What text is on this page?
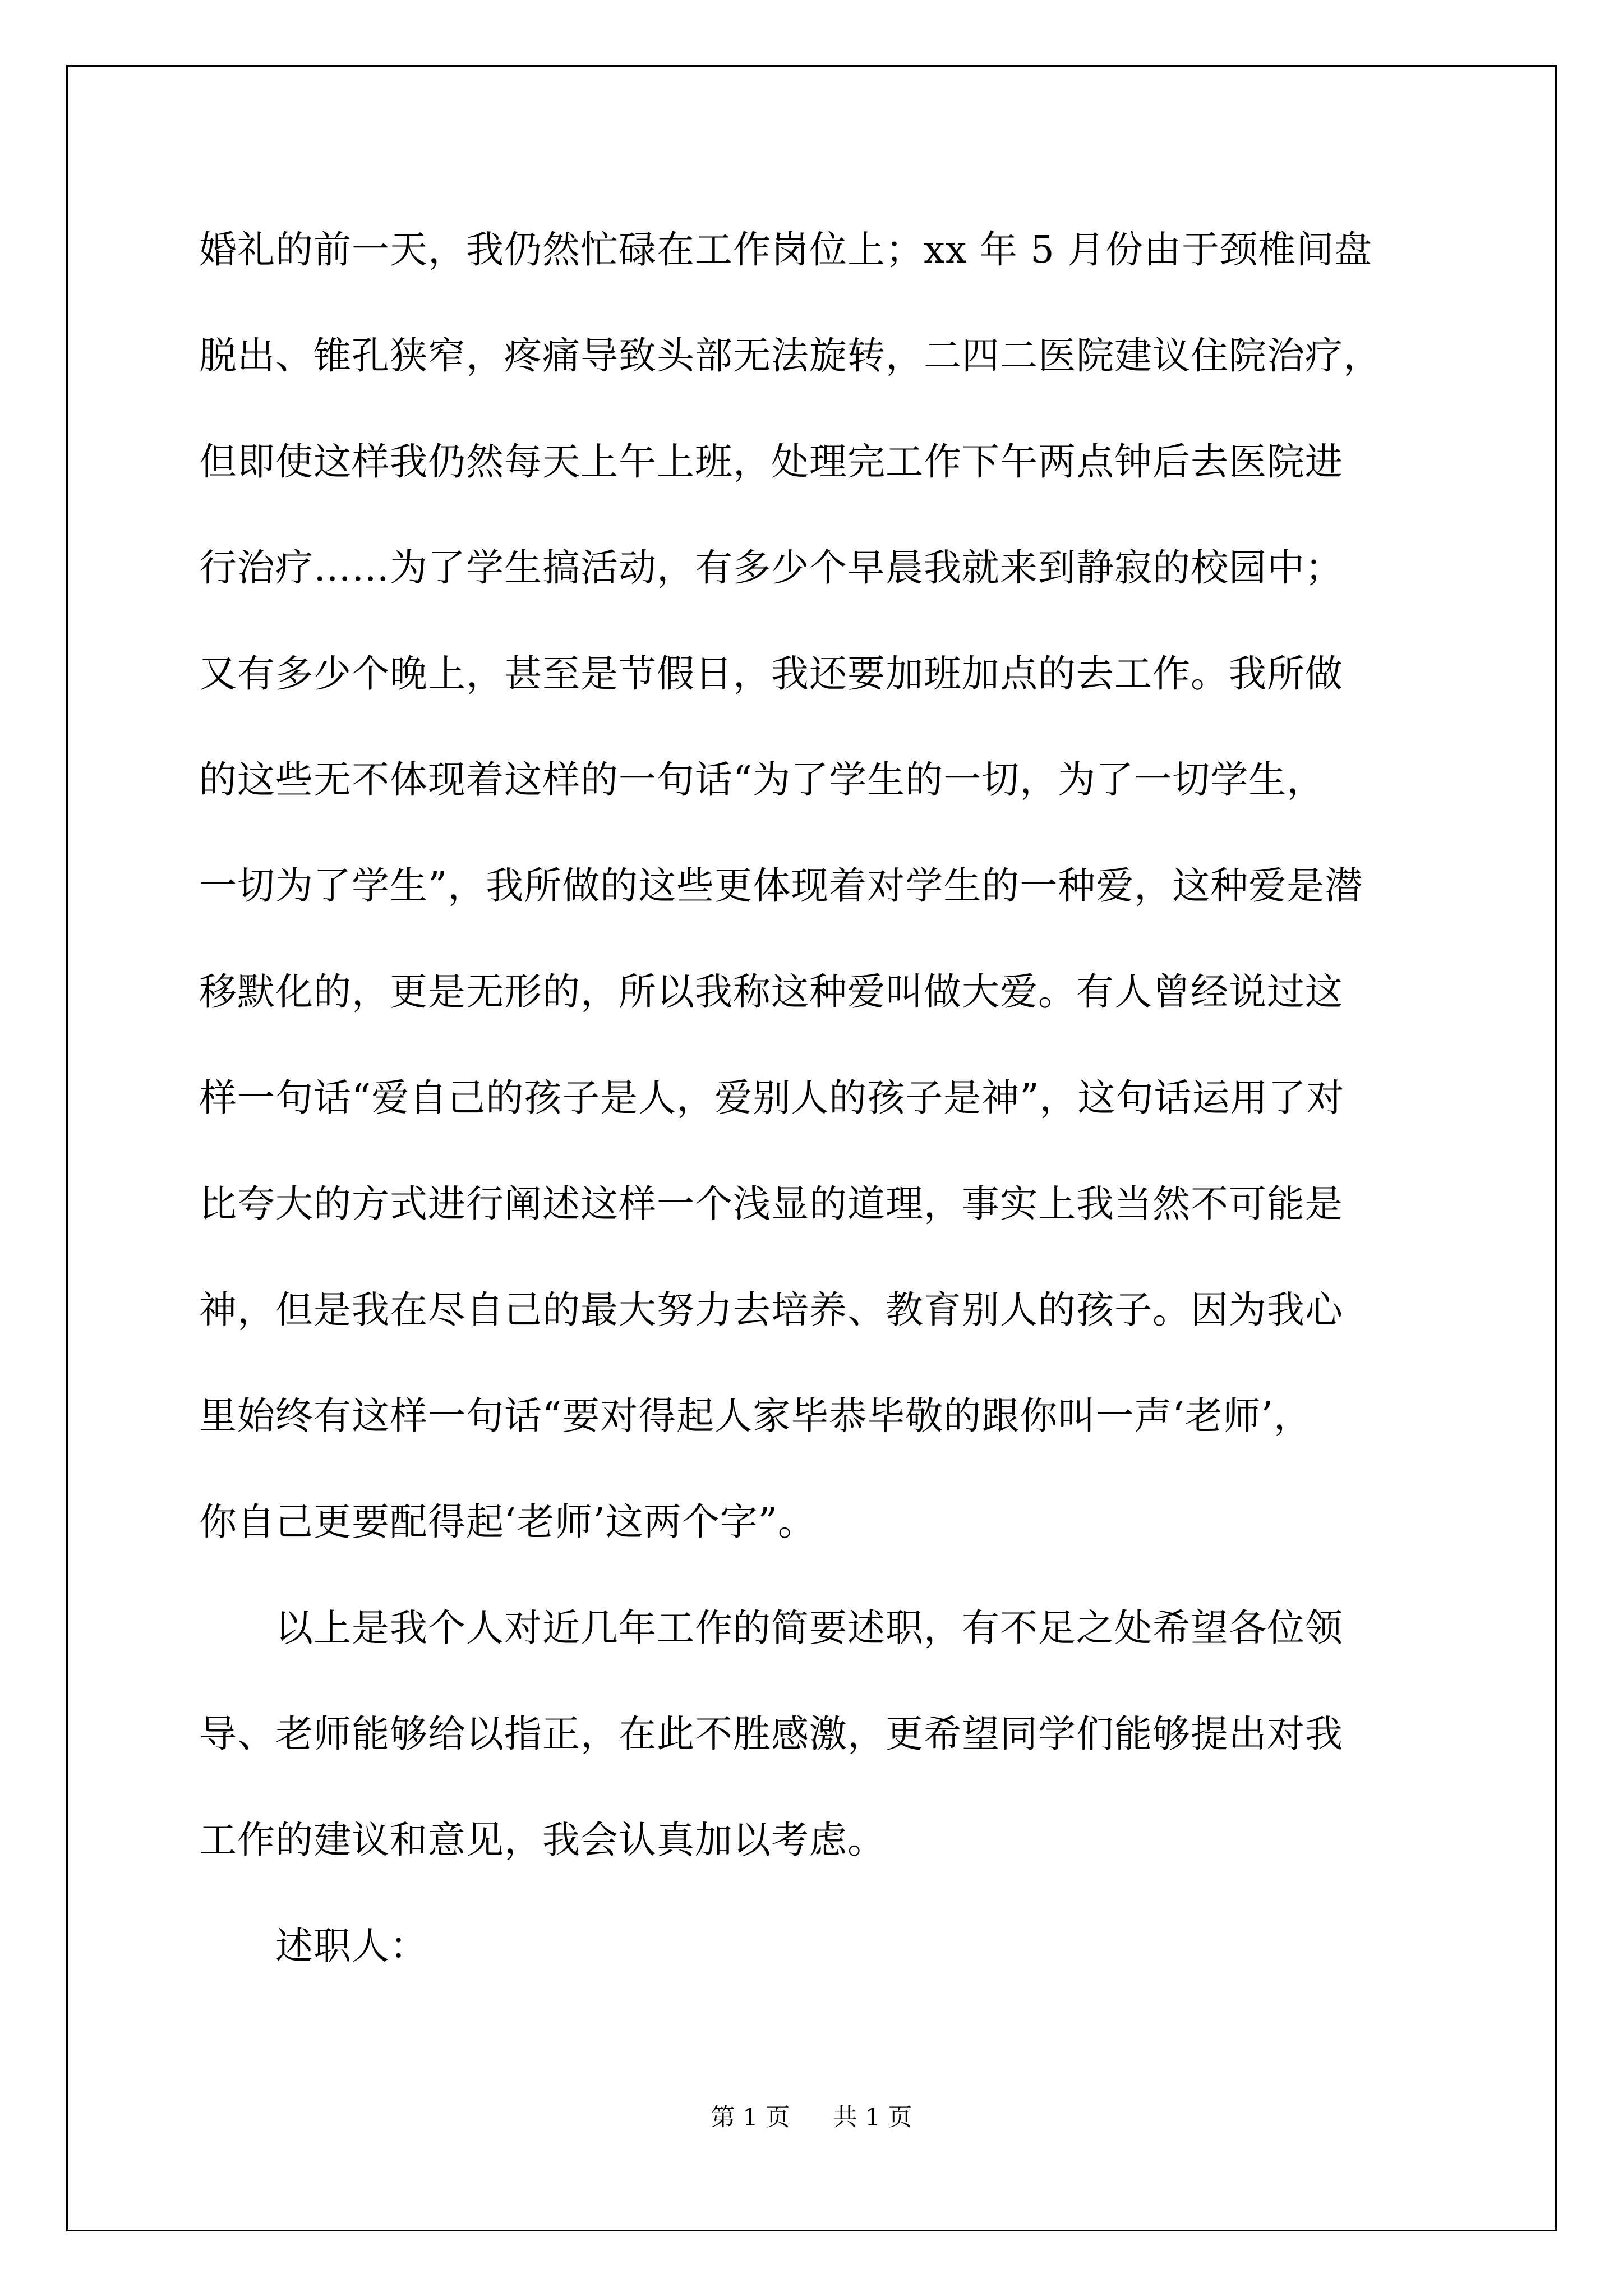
婚礼的前一天，我仍然忙碌在工作岗位上；xx 年 5 月份由于颈椎间盘
脱出、锥孔狭窄，疼痛导致头部无法旋转，二四二医院建议住院治疗，
但即使这样我仍然每天上午上班，处理完工作下午两点钟后去医院进
行治疗……为了学生搞活动，有多少个早晨我就来到静寂的校园中；
又有多少个晚上，甚至是节假日，我还要加班加点的去工作。我所做
的这些无不体现着这样的一句话“为了学生的一切，为了一切学生，
一切为了学生”，我所做的这些更体现着对学生的一种爱，这种爱是潜
移默化的，更是无形的，所以我称这种爱叫做大爱。有人曾经说过这
样一句话“爱自己的孩子是人，爱别人的孩子是神”，这句话运用了对
比夸大的方式进行阐述这样一个浅显的道理，事实上我当然不可能是
神，但是我在尽自己的最大努力去培养、教育别人的孩子。因为我心
里始终有这样一句话“要对得起人家毕恭毕敬的跟你叫一声‘老师’，
你自己更要配得起‘老师’这两个字”。
　　以上是我个人对近几年工作的简要述职，有不足之处希望各位领
导、老师能够给以指正，在此不胜感激，更希望同学们能够提出对我
工作的建议和意见，我会认真加以考虑。
　　述职人：
第 1 页 共 1 页
